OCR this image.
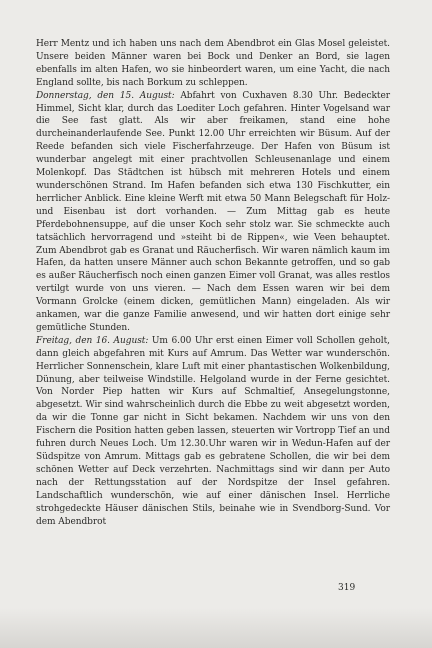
Herr Mentz und ich haben uns nach dem Abendbrot ein Glas Mosel geleistet. Unsere beiden Männer waren bei Bock und Denker an Bord, sie lagen ebenfalls im alten Hafen, wo sie hinbeordert waren, um eine Yacht, die nach England sollte, bis nach Borkum zu schleppen.

Donnerstag, den 15. August: Abfahrt von Cuxhaven 8.30 Uhr. Bedeckter Himmel, Sicht klar, durch das Loediter Loch gefahren. Hinter Vogelsand war die See fast glatt. Als wir aber freikamen, stand eine hohe durcheinanderlaufende See. Punkt 12.00 Uhr erreichten wir Büsum. Auf der Reede befanden sich viele Fischerfahrzeuge. Der Hafen von Büsum ist wunderbar angelegt mit einer prachtvollen Schleusenanlage und einem Molenkopf. Das Städtchen ist hübsch mit mehreren Hotels und einem wunderschönen Strand. Im Hafen befanden sich etwa 130 Fischkutter, ein herrlicher Anblick. Eine kleine Werft mit etwa 50 Mann Belegschaft für Holz- und Eisenbau ist dort vorhanden. — Zum Mittag gab es heute Pferdebohnensuppe, auf die unser Koch sehr stolz war. Sie schmeckte auch tatsächlich hervorragend und »steiht bi de Rippen«, wie Veen behauptet. Zum Abendbrot gab es Granat und Räucherfisch. Wir waren nämlich kaum im Hafen, da hatten unsere Männer auch schon Bekannte getroffen, und so gab es außer Räucherfisch noch einen ganzen Eimer voll Granat, was alles restlos vertilgt wurde von uns vieren. — Nach dem Essen waren wir bei dem Vormann Grolcke (einem dicken, gemütlichen Mann) eingeladen. Als wir ankamen, war die ganze Familie anwesend, und wir hatten dort einige sehr gemütliche Stunden.

Freitag, den 16. August: Um 6.00 Uhr erst einen Eimer voll Schollen geholt, dann gleich abgefahren mit Kurs auf Amrum. Das Wetter war wunderschön. Herrlicher Sonnenschein, klare Luft mit einer phantastischen Wolkenbildung, Dünung, aber teilweise Windstille. Helgoland wurde in der Ferne gesichtet. Von Norder Piep hatten wir Kurs auf Schmaltief, Ansegelungstonne, abgesetzt. Wir sind wahrscheinlich durch die Ebbe zu weit abgesetzt worden, da wir die Tonne gar nicht in Sicht bekamen. Nachdem wir uns von den Fischern die Position hatten geben lassen, steuerten wir Vortropp Tief an und fuhren durch Neues Loch. Um 12.30.Uhr waren wir in Wedun-Hafen auf der Südspitze von Amrum. Mittags gab es gebratene Schollen, die wir bei dem schönen Wetter auf Deck verzehrten. Nachmittags sind wir dann per Auto nach der Rettungsstation auf der Nordspitze der Insel gefahren. Landschaftlich wunderschön, wie auf einer dänischen Insel. Herrliche strohgedeckte Häuser dänischen Stils, beinahe wie in Svendborg-Sund. Vor dem Abendbrot

319
